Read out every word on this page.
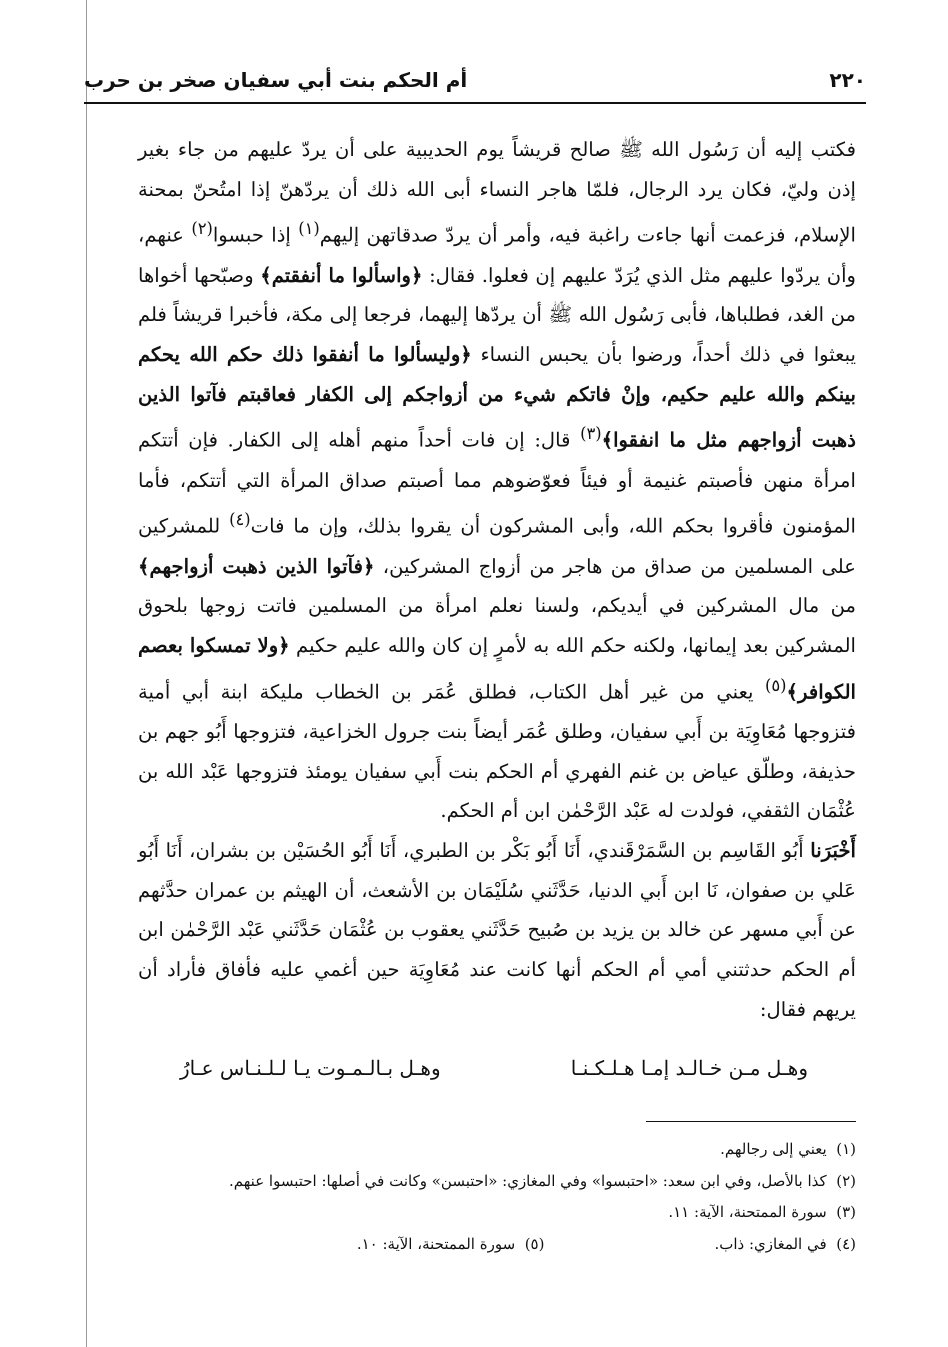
٢٢٠
أم الحكم بنت أبي سفيان صخر بن حرب

فكتب إليه أن رَسُول الله ﷺ صالح قريشاً يوم الحديبية على أن يردّ عليهم من جاء بغير إذن وليّ، فكان يرد الرجال، فلمّا هاجر النساء أبى الله ذلك أن يردّهنّ إذا امتُحنّ بمحنة الإسلام، فزعمت أنها جاءت راغبة فيه، وأمر أن يردّ صدقاتهن إليهم$^{(١)}$ إذا حبسوا$^{(٢)}$ عنهم، وأن يردّوا عليهم مثل الذي يُرَدّ عليهم إن فعلوا. فقال: ﴿واسألوا ما أنفقتم﴾ وصبّحها أخواها من الغد، فطلباها، فأبى رَسُول الله ﷺ أن يردّها إليهما، فرجعا إلى مكة، فأخبرا قريشاً فلم يبعثوا في ذلك أحداً، ورضوا بأن يحبس النساء ﴿وليسألوا ما أنفقوا ذلك حكم الله يحكم بينكم والله عليم حكيم، وإنْ فاتكم شيء من أزواجكم إلى الكفار فعاقبتم فآتوا الذين ذهبت أزواجهم مثل ما انفقوا﴾$^{(٣)}$ قال: إن فات أحداً منهم أهله إلى الكفار. فإن أتتكم امرأة منهن فأصبتم غنيمة أو فيئاً فعوّضوهم مما أصبتم صداق المرأة التي أتتكم، فأما المؤمنون فأقروا بحكم الله، وأبى المشركون أن يقروا بذلك، وإن ما فات$^{(٤)}$ للمشركين على المسلمين من صداق من هاجر من أزواج المشركين، ﴿فآتوا الذين ذهبت أزواجهم﴾ من مال المشركين في أيديكم، ولسنا نعلم امرأة من المسلمين فاتت زوجها بلحوق المشركين بعد إيمانها، ولكنه حكم الله به لأمرٍ إن كان والله عليم حكيم ﴿ولا تمسكوا بعصم الكوافر﴾$^{(٥)}$ يعني من غير أهل الكتاب، فطلق عُمَر بن الخطاب مليكة ابنة أبي أمية فتزوجها مُعَاوِيَة بن أَبي سفيان، وطلق عُمَر أيضاً بنت جرول الخزاعية، فتزوجها أَبُو جهم بن حذيفة، وطلّق عياض بن غنم الفهري أم الحكم بنت أَبي سفيان يومئذ فتزوجها عَبْد الله بن عُثْمَان الثقفي، فولدت له عَبْد الرَّحْمٰن ابن أم الحكم.

أَخْبَرَنا أَبُو القَاسِم بن السَّمَرْقَندي، أَنَا أَبُو بَكْر بن الطبري، أَنَا أَبُو الحُسَيْن بن بشران، أَنَا أَبُو عَلي بن صفوان، نَا ابن أَبي الدنيا، حَدَّثَني سُلَيْمَان بن الأشعث، أن الهيثم بن عمران حدَّثهم عن أَبي مسهر عن خالد بن يزيد بن صُبيح حَدَّثَني يعقوب بن عُثْمَان حَدَّثَني عَبْد الرَّحْمٰن ابن أم الحكم حدثتني أمي أم الحكم أنها كانت عند مُعَاوِيَة حين أغمي عليه فأفاق فأراد أن يريهم فقال:

وهـل مـن خـالـد إمـا هـلـكـنـا
وهـل بـالـمـوت يـا لـلـنـاس عـارُ
(١)

يعني إلى رجالهم.
(٢)

كذا بالأصل، وفي ابن سعد: «احتبسوا» وفي المغازي: «احتبسن» وكانت في أصلها: احتبسوا عنهم.
(٣)

سورة الممتحنة، الآية: ١١.
(٤)

في المغازي: ذاب.
(٥)

سورة الممتحنة، الآية: ١٠.
